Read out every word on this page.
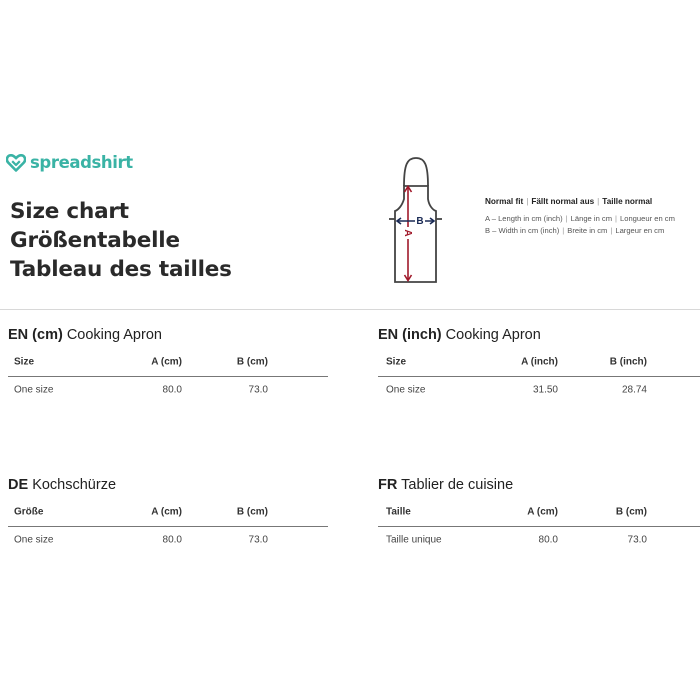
spreadshirt
Size chart
Größentabelle
Tableau des tailles
B
A
Normal fit | Fällt normal aus | Taille normal
A – Length in cm (inch) | Länge in cm | Longueur en cm
B – Width in cm (inch) | Breite in cm | Largeur en cm
EN (cm) Cooking Apron
Size	A (cm)	B (cm)
One size	80.0	73.0
EN (inch) Cooking Apron
Size	A (inch)	B (inch)
One size	31.50	28.74
DE Kochschürze
Größe	A (cm)	B (cm)
One size	80.0	73.0
FR Tablier de cuisine
Taille	A (cm)	B (cm)
Taille unique	80.0	73.0
